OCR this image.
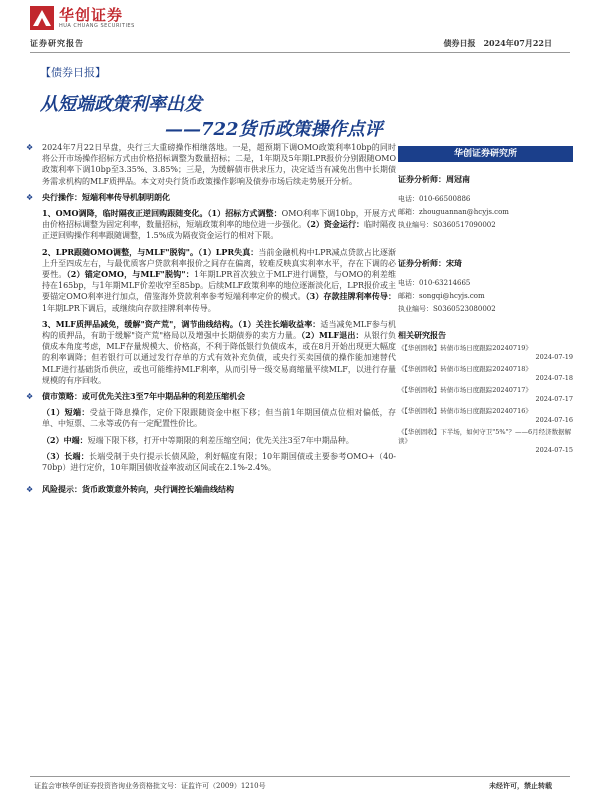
华创证券
HUA CHUANG SECURITIES
证券研究报告	债券日报　2024年07月22日
【债券日报】
从短端政策利率出发
——722货币政策操作点评

❖ 2024年7月22日早盘，央行三大重磅操作相继落地。一是，超预期下调OMO政策利率10bp的同时将公开市场操作招标方式由价格招标调整为数量招标；二是，1年期及5年期LPR报价分别跟随OMO政策利率下调10bp至3.35%、3.85%；三是，为缓解债市供求压力，决定适当有减免出售中长期债务需求机构的MLF质押品。本文对央行货币政策操作影响及债券市场后续走势展开分析。

❖ 央行操作：短端利率传导机制明朗化

1、OMO调降，临时隔夜正逆回购跟随变化。（1）招标方式调整：OMO利率下调10bp，开展方式由价格招标调整为固定利率，数量招标，短端政策利率的地位进一步强化。（2）资金运行：临时隔夜正逆回购操作利率跟随调整，1.5%成为隔夜资金运行的相对下限。

2、LPR跟随OMO调整，与MLF"脱钩"。（1）LPR失真：当前金融机构中LPR减点贷款占比逐渐上升至四成左右，与最优质客户贷款利率报价之间存在偏离，较难反映真实利率水平，存在下调的必要性。（2）锚定OMO，与MLF"脱钩"：1年期LPR首次独立于MLF进行调整，与OMO的利差维持在165bp，与1年期MLF价差收窄至85bp。后续MLF政策利率的地位逐渐淡化后，LPR报价或主要锚定OMO利率进行加点，借鉴海外贷款利率参考短端利率定价的模式。（3）存款挂牌利率传导：1年期LPR下调后，或继续向存款挂牌利率传导。

3、MLF质押品减免，缓解"资产荒"，调节曲线结构。（1）关注长端收益率：适当减免MLF参与机构的质押品，有助于缓解"资产荒"格局以及增强中长期债券的卖方力量。（2）MLF退出：从银行负债成本角度考虑，MLF存量规模大、价格高，不利于降低银行负债成本，或在8月开始出现更大幅度的利率调降；但若银行可以通过发行存单的方式有效补充负债，或央行买卖国债的操作能加速替代MLF进行基础货币供应，或也可能维持MLF利率，从而引导一级交易商缩量平续MLF，以进行存量规模的有序回收。

❖ 债市策略：或可优先关注3至7年中期品种的利差压缩机会

（1）短端：受益于降息操作，定价下限跟随资金中枢下移；但当前1年期国债点位相对偏低，存单、中短票、二永等或仍有一定配置性价比。

（2）中端：短端下限下移，打开中等期限的利差压缩空间；优先关注3至7年中期品种。

（3）长端：长端受制于央行提示长债风险，利好幅度有限；10年期国债或主要参考OMO+（40-70bp）进行定价，10年期国债收益率波动区间或在2.1%-2.4%。

❖ 风险提示：货币政策意外转向，央行调控长端曲线结构

华创证券研究所
证券分析师：周冠南
电话：010-66500886
邮箱：zhouguannan@hcyjs.com
执业编号：S0360517090002
证券分析师：宋琦
电话：010-63214665
邮箱：songqi@hcyjs.com
执业编号：S0360523080002
相关研究报告
《【华创固收】转债市场日度跟踪20240719》
2024-07-19
《【华创固收】转债市场日度跟踪20240718》
2024-07-18
《【华创固收】转债市场日度跟踪20240717》
2024-07-17
《【华创固收】转债市场日度跟踪20240716》
2024-07-16
《【华创固收】下半场，如何守卫"5%"？——6月经济数据解读》
2024-07-15
证监会审核华创证券投资咨询业务资格批文号：证监许可（2009）1210号	未经许可，禁止转载
